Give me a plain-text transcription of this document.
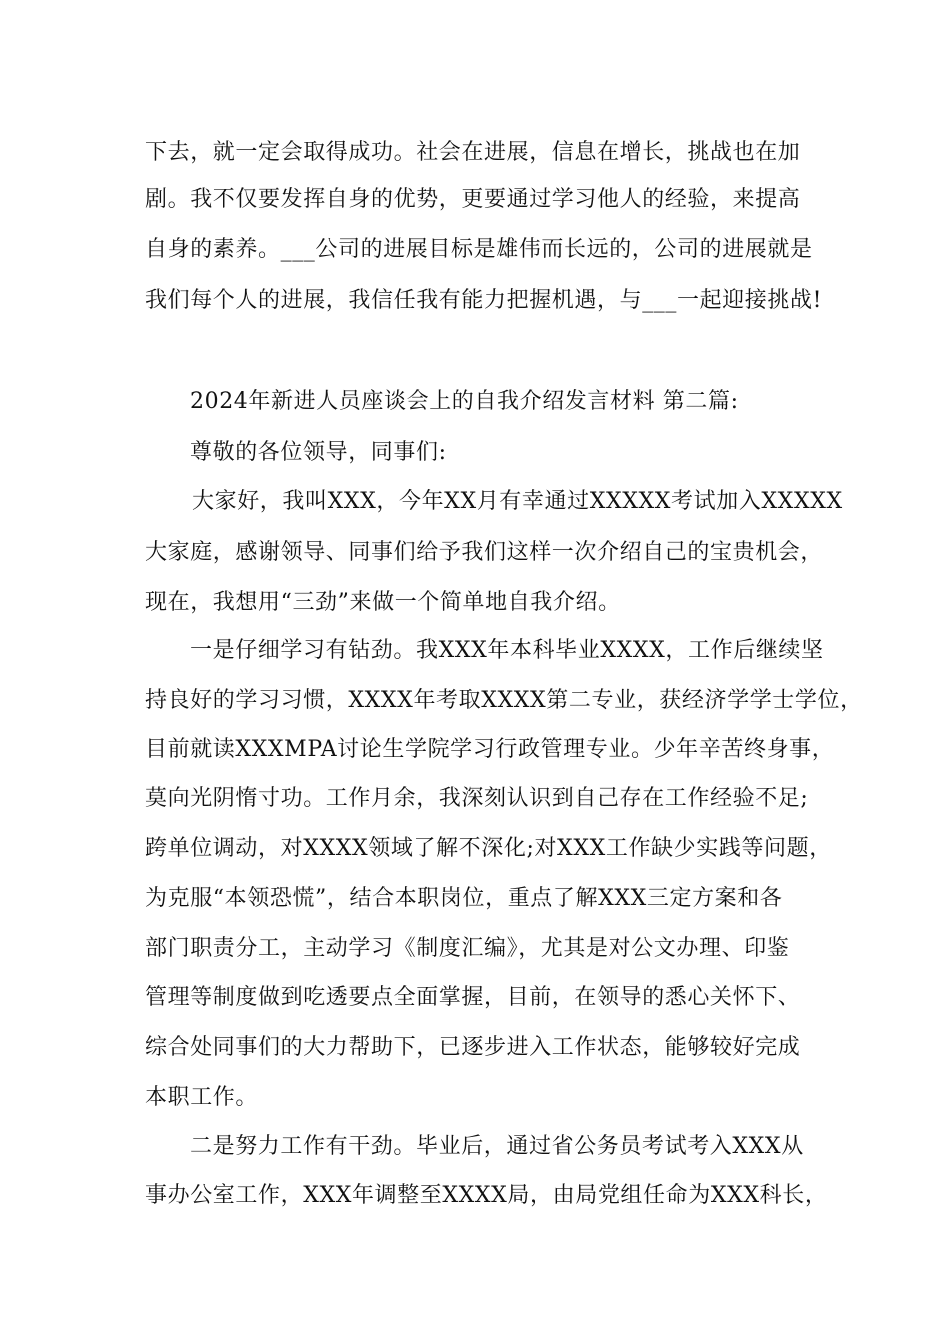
下去，就一定会取得成功。社会在进展，信息在增长，挑战也在加
剧。我不仅要发挥自身的优势，更要通过学习他人的经验，来提高
自身的素养。___公司的进展目标是雄伟而长远的，公司的进展就是
我们每个人的进展，我信任我有能力把握机遇，与___一起迎接挑战!
2024年新进人员座谈会上的自我介绍发言材料 第二篇:
尊敬的各位领导，同事们:
大家好，我叫XXX，今年XX月有幸通过XXXXX考试加入XXXXX
大家庭，感谢领导、同事们给予我们这样一次介绍自己的宝贵机会，
现在，我想用“三劲”来做一个简单地自我介绍。
一是仔细学习有钻劲。我XXX年本科毕业XXXX，工作后继续坚
持良好的学习习惯，XXXX年考取XXXX第二专业，获经济学学士学位，
目前就读XXXMPA讨论生学院学习行政管理专业。少年辛苦终身事，
莫向光阴惰寸功。工作月余，我深刻认识到自己存在工作经验不足;
跨单位调动，对XXXX领域了解不深化;对XXX工作缺少实践等问题，
为克服“本领恐慌”，结合本职岗位，重点了解XXX三定方案和各
部门职责分工，主动学习《制度汇编》，尤其是对公文办理、印鉴
管理等制度做到吃透要点全面掌握，目前，在领导的悉心关怀下、
综合处同事们的大力帮助下，已逐步进入工作状态，能够较好完成
本职工作。
二是努力工作有干劲。毕业后，通过省公务员考试考入XXX从
事办公室工作，XXX年调整至XXXX局，由局党组任命为XXX科长，
